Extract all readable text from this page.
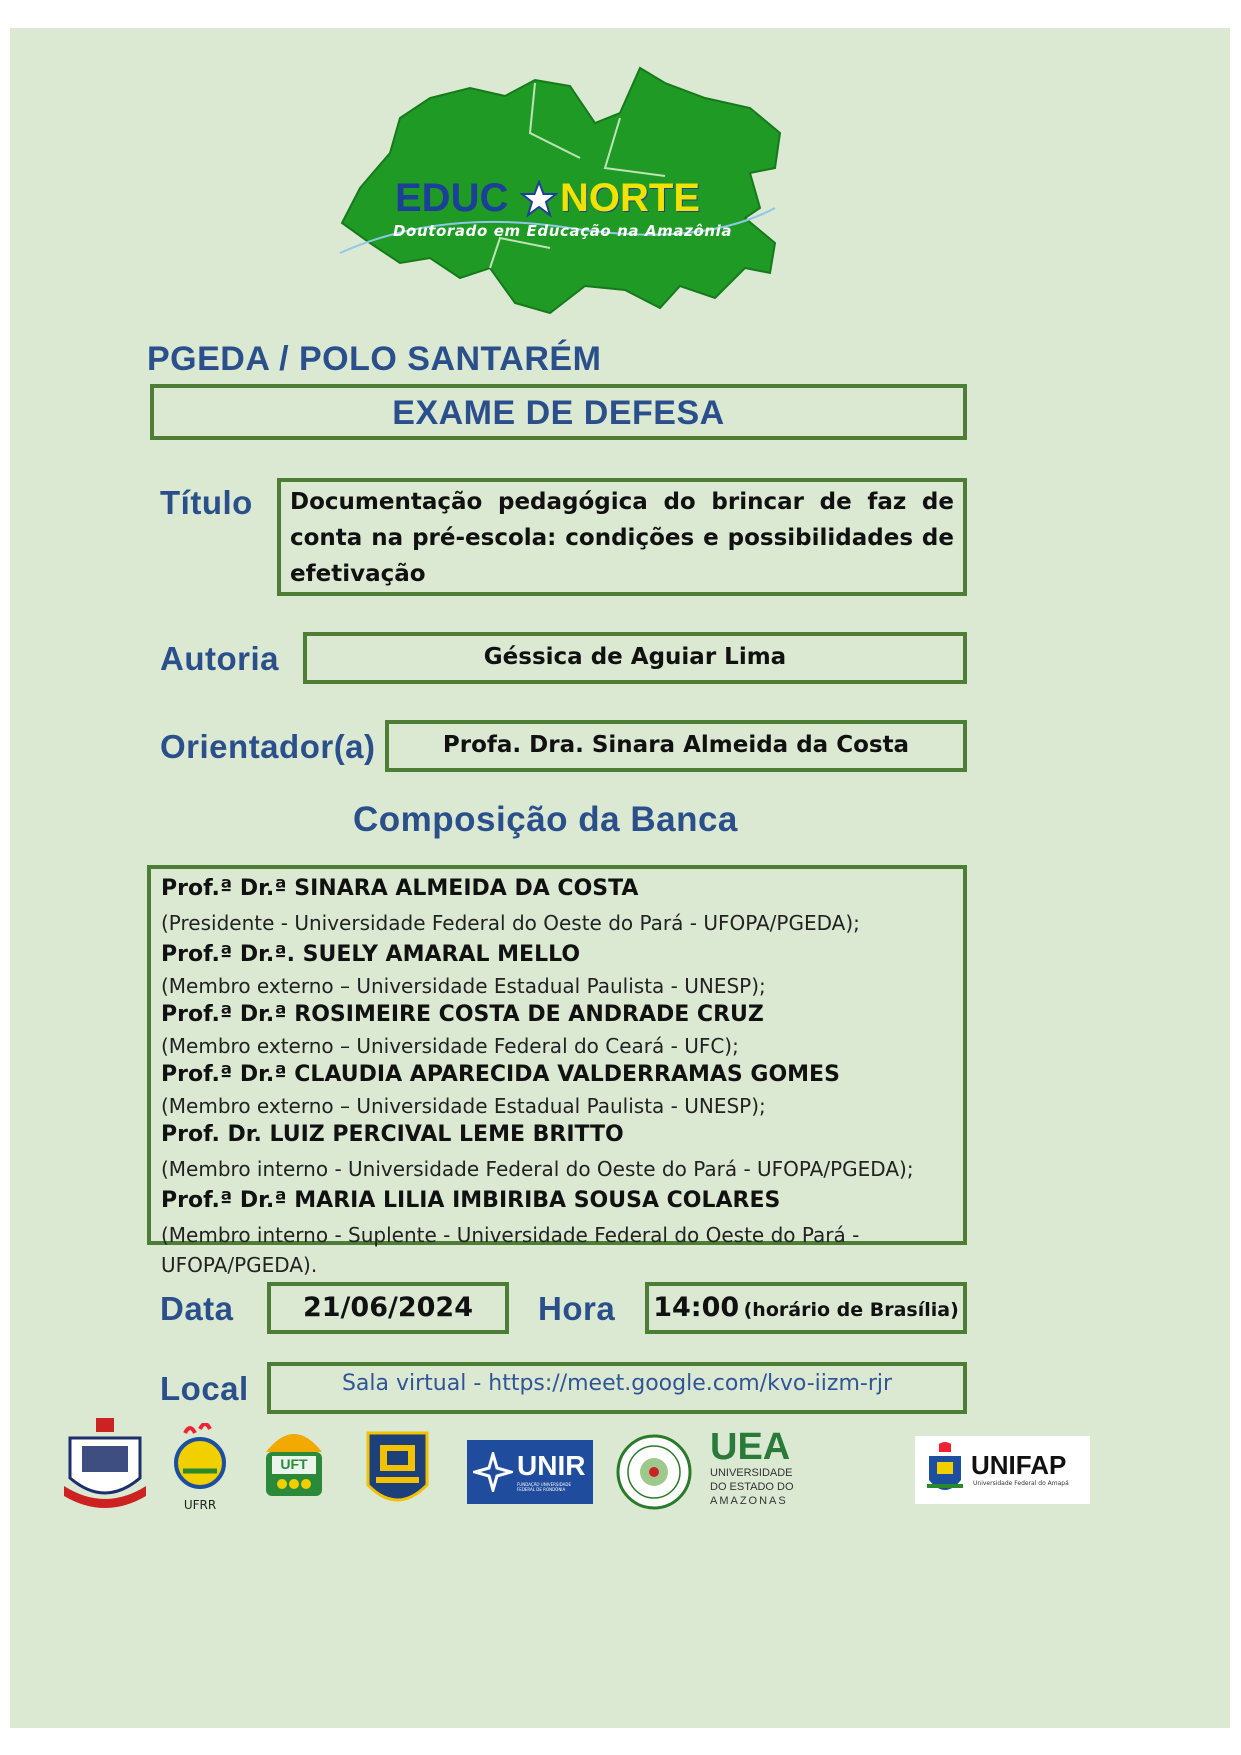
EDUC NORTE
Doutorado em Educação na Amazônia
PGEDA / POLO SANTARÉM
EXAME DE DEFESA
Título Documentação pedagógica do brincar de faz de conta na pré-escola: condições e possibilidades de efetivação
Autoria	Géssica de Aguiar Lima
Orientador(a)	Profa. Dra. Sinara Almeida da Costa
Composição da Banca
Prof.ª Dr.ª SINARA ALMEIDA DA COSTA
(Presidente - Universidade Federal do Oeste do Pará - UFOPA/PGEDA);
Prof.ª Dr.ª. SUELY AMARAL MELLO
(Membro externo – Universidade Estadual Paulista - UNESP);
Prof.ª Dr.ª ROSIMEIRE COSTA DE ANDRADE CRUZ
(Membro externo – Universidade Federal do Ceará - UFC);
Prof.ª Dr.ª CLAUDIA APARECIDA VALDERRAMAS GOMES
(Membro externo – Universidade Estadual Paulista - UNESP);
Prof. Dr. LUIZ PERCIVAL LEME BRITTO
(Membro interno - Universidade Federal do Oeste do Pará - UFOPA/PGEDA);
Prof.ª Dr.ª MARIA LILIA IMBIRIBA SOUSA COLARES
(Membro interno - Suplente - Universidade Federal do Oeste do Pará - UFOPA/PGEDA).
Data	21/06/2024	Hora 14:00 (horário de Brasília)
Local	Sala virtual - https://meet.google.com/kvo-iizm-rjr
UFRR
UFT	UNIR
FUNDAÇÃO UNIVERSIDADE FEDERAL DE RONDÔNIA
UEA
UNIVERSIDADE
DO ESTADO DO
AMAZONAS
UNIFAP
Universidade Federal do Amapá
